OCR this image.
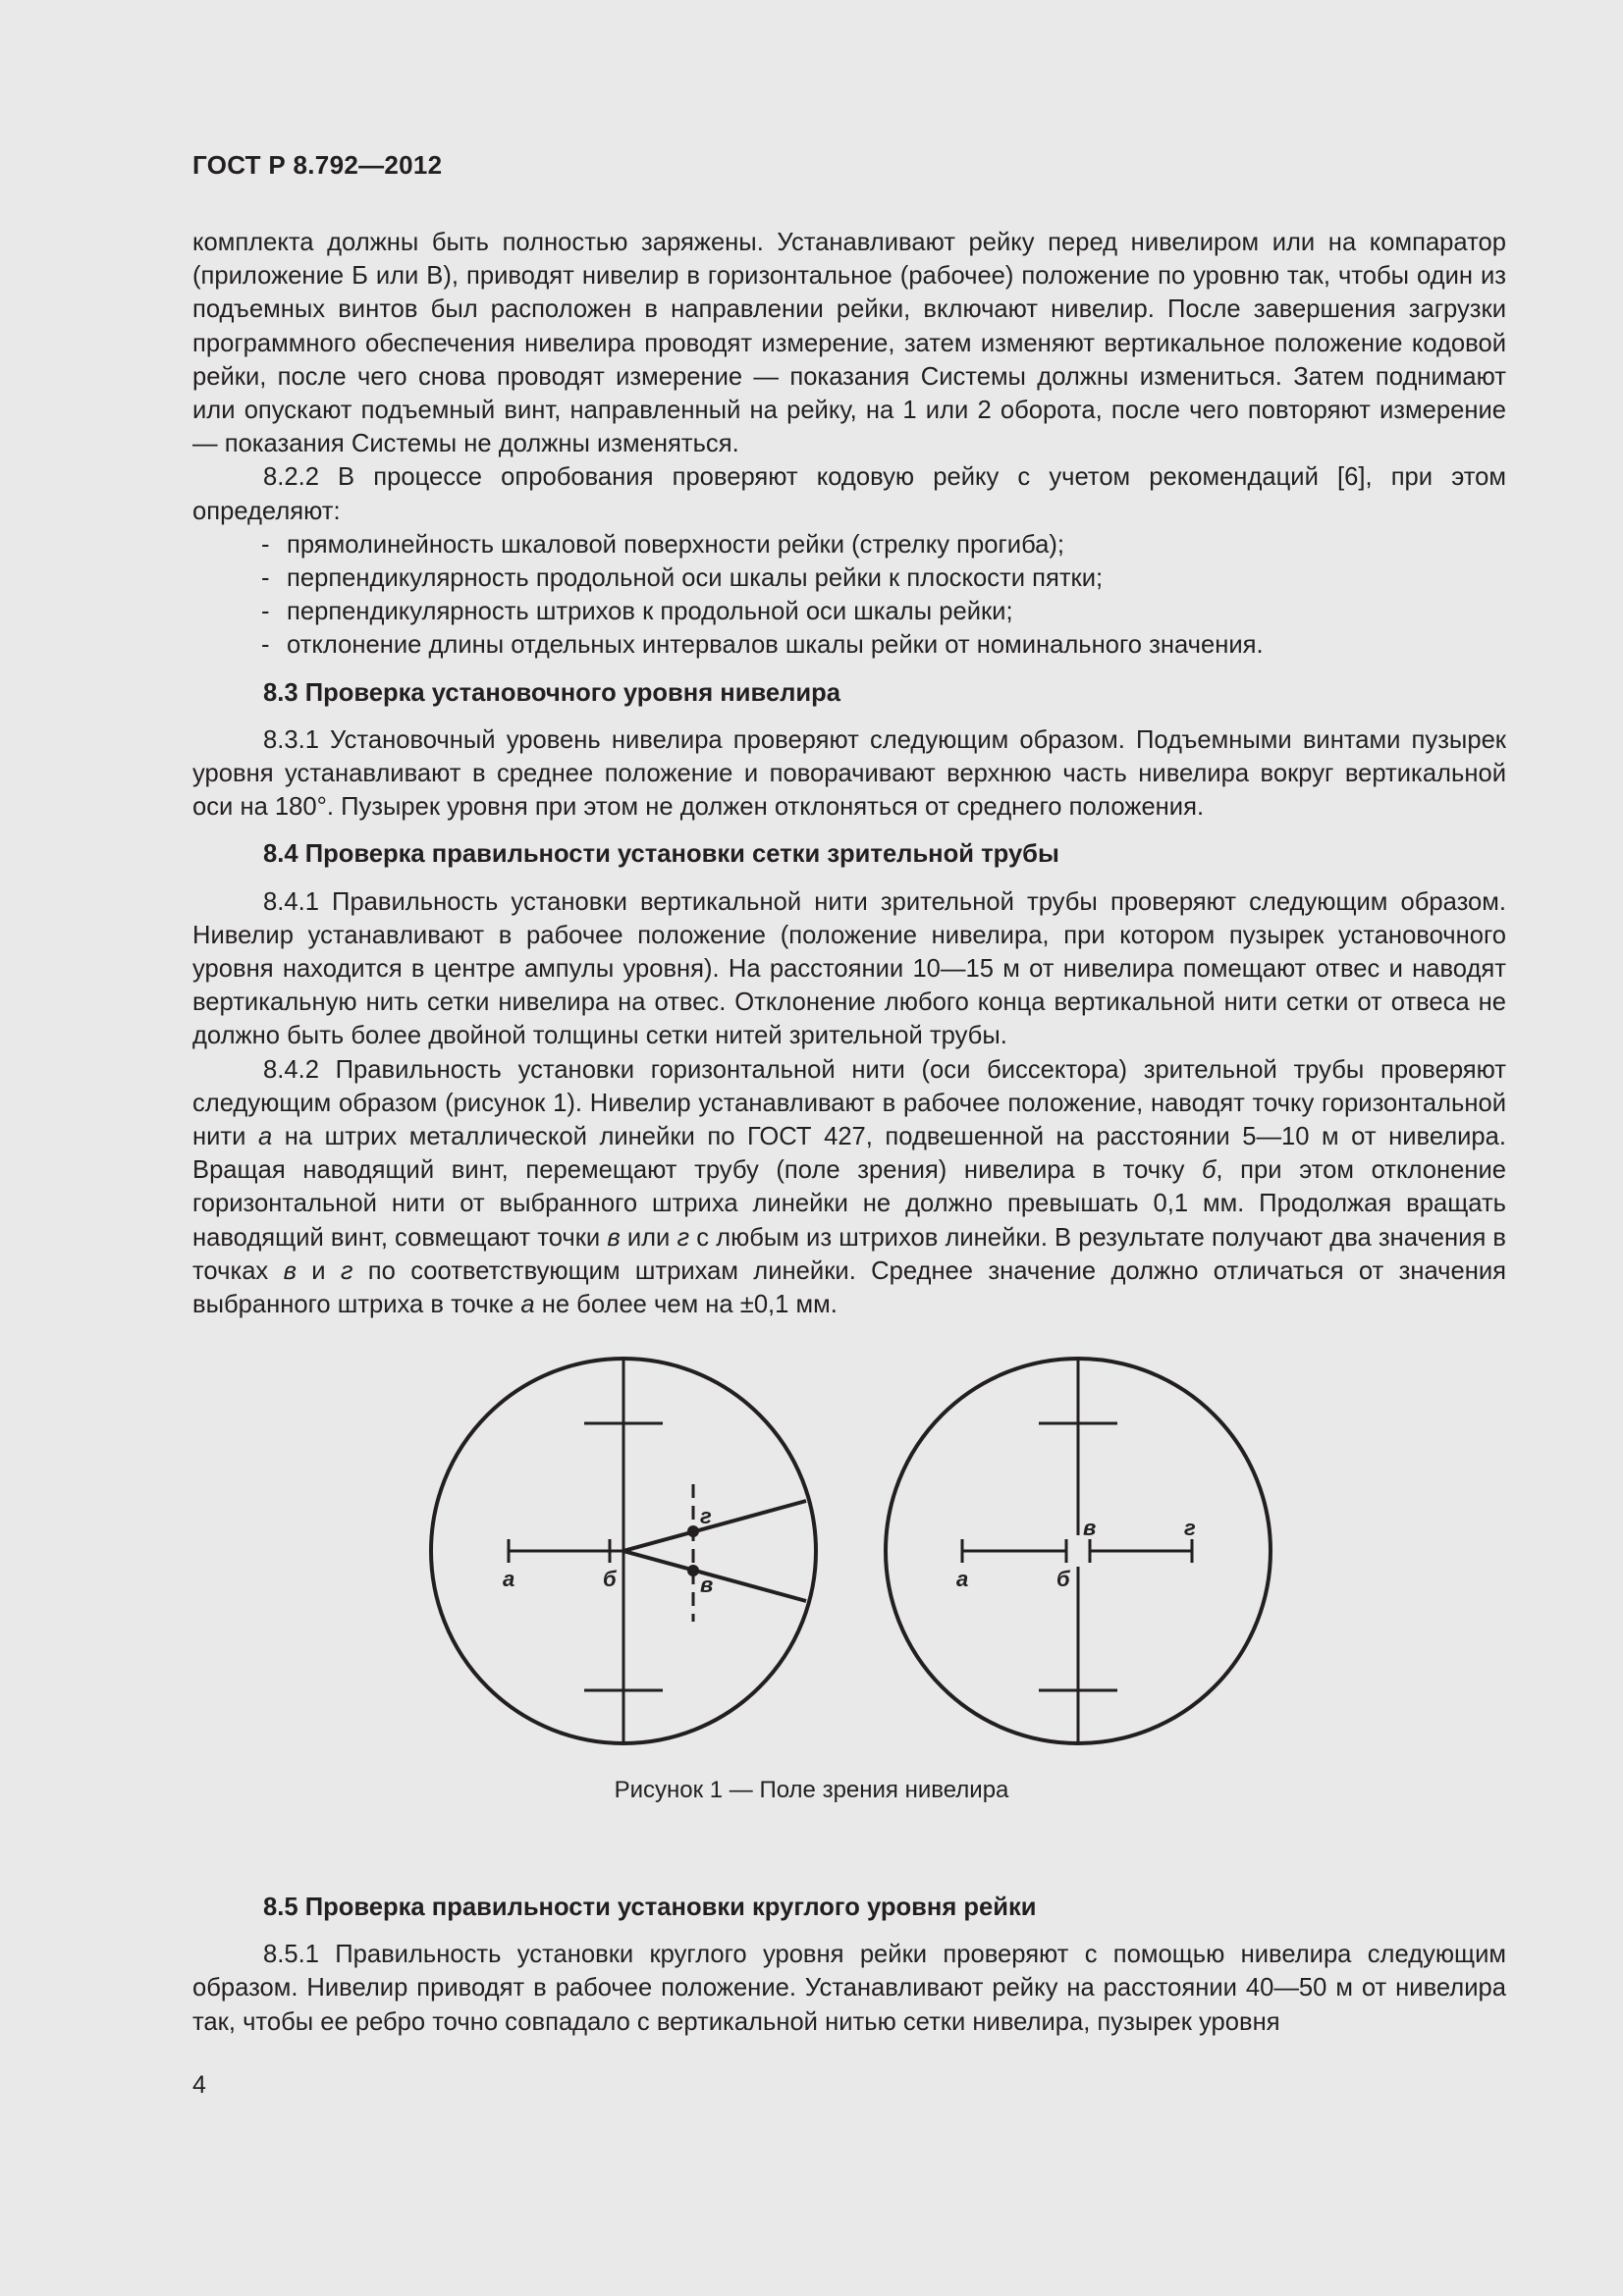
ГОСТ Р 8.792—2012

комплекта должны быть полностью заряжены. Устанавливают рейку перед нивелиром или на компаратор (приложение Б или В), приводят нивелир в горизонтальное (рабочее) положение по уровню так, чтобы один из подъемных винтов был расположен в направлении рейки, включают нивелир. После завершения загрузки программного обеспечения нивелира проводят измерение, затем изменяют вертикальное положение кодовой рейки, после чего снова проводят измерение — показания Системы должны измениться. Затем поднимают или опускают подъемный винт, направленный на рейку, на 1 или 2 оборота, после чего повторяют измерение — показания Системы не должны изменяться.

8.2.2 В процессе опробования проверяют кодовую рейку с учетом рекомендаций [6], при этом определяют:

- прямолинейность шкаловой поверхности рейки (стрелку прогиба);
- перпендикулярность продольной оси шкалы рейки к плоскости пятки;
- перпендикулярность штрихов к продольной оси шкалы рейки;
- отклонение длины отдельных интервалов шкалы рейки от номинального значения.

8.3 Проверка установочного уровня нивелира

8.3.1 Установочный уровень нивелира проверяют следующим образом. Подъемными винтами пузырек уровня устанавливают в среднее положение и поворачивают верхнюю часть нивелира вокруг вертикальной оси на 180°. Пузырек уровня при этом не должен отклоняться от среднего положения.

8.4 Проверка правильности установки сетки зрительной трубы

8.4.1 Правильность установки вертикальной нити зрительной трубы проверяют следующим образом. Нивелир устанавливают в рабочее положение (положение нивелира, при котором пузырек установочного уровня находится в центре ампулы уровня). На расстоянии 10—15 м от нивелира помещают отвес и наводят вертикальную нить сетки нивелира на отвес. Отклонение любого конца вертикальной нити сетки от отвеса не должно быть более двойной толщины сетки нитей зрительной трубы.

8.4.2 Правильность установки горизонтальной нити (оси биссектора) зрительной трубы проверяют следующим образом (рисунок 1). Нивелир устанавливают в рабочее положение, наводят точку горизонтальной нити а на штрих металлической линейки по ГОСТ 427, подвешенной на расстоянии 5—10 м от нивелира. Вращая наводящий винт, перемещают трубу (поле зрения) нивелира в точку б, при этом отклонение горизонтальной нити от выбранного штриха линейки не должно превышать 0,1 мм. Продолжая вращать наводящий винт, совмещают точки в или г с любым из штрихов линейки. В результате получают два значения в точках в и г по соответствующим штрихам линейки. Среднее значение должно отличаться от значения выбранного штриха в точке а не более чем на ±0,1 мм.

а	б
г
в	а	б
в	г
Рисунок 1 — Поле зрения нивелира

8.5 Проверка правильности установки круглого уровня рейки

8.5.1 Правильность установки круглого уровня рейки проверяют с помощью нивелира следующим образом. Нивелир приводят в рабочее положение. Устанавливают рейку на расстоянии 40—50 м от нивелира так, чтобы ее ребро точно совпадало с вертикальной нитью сетки нивелира, пузырек уровня

4
